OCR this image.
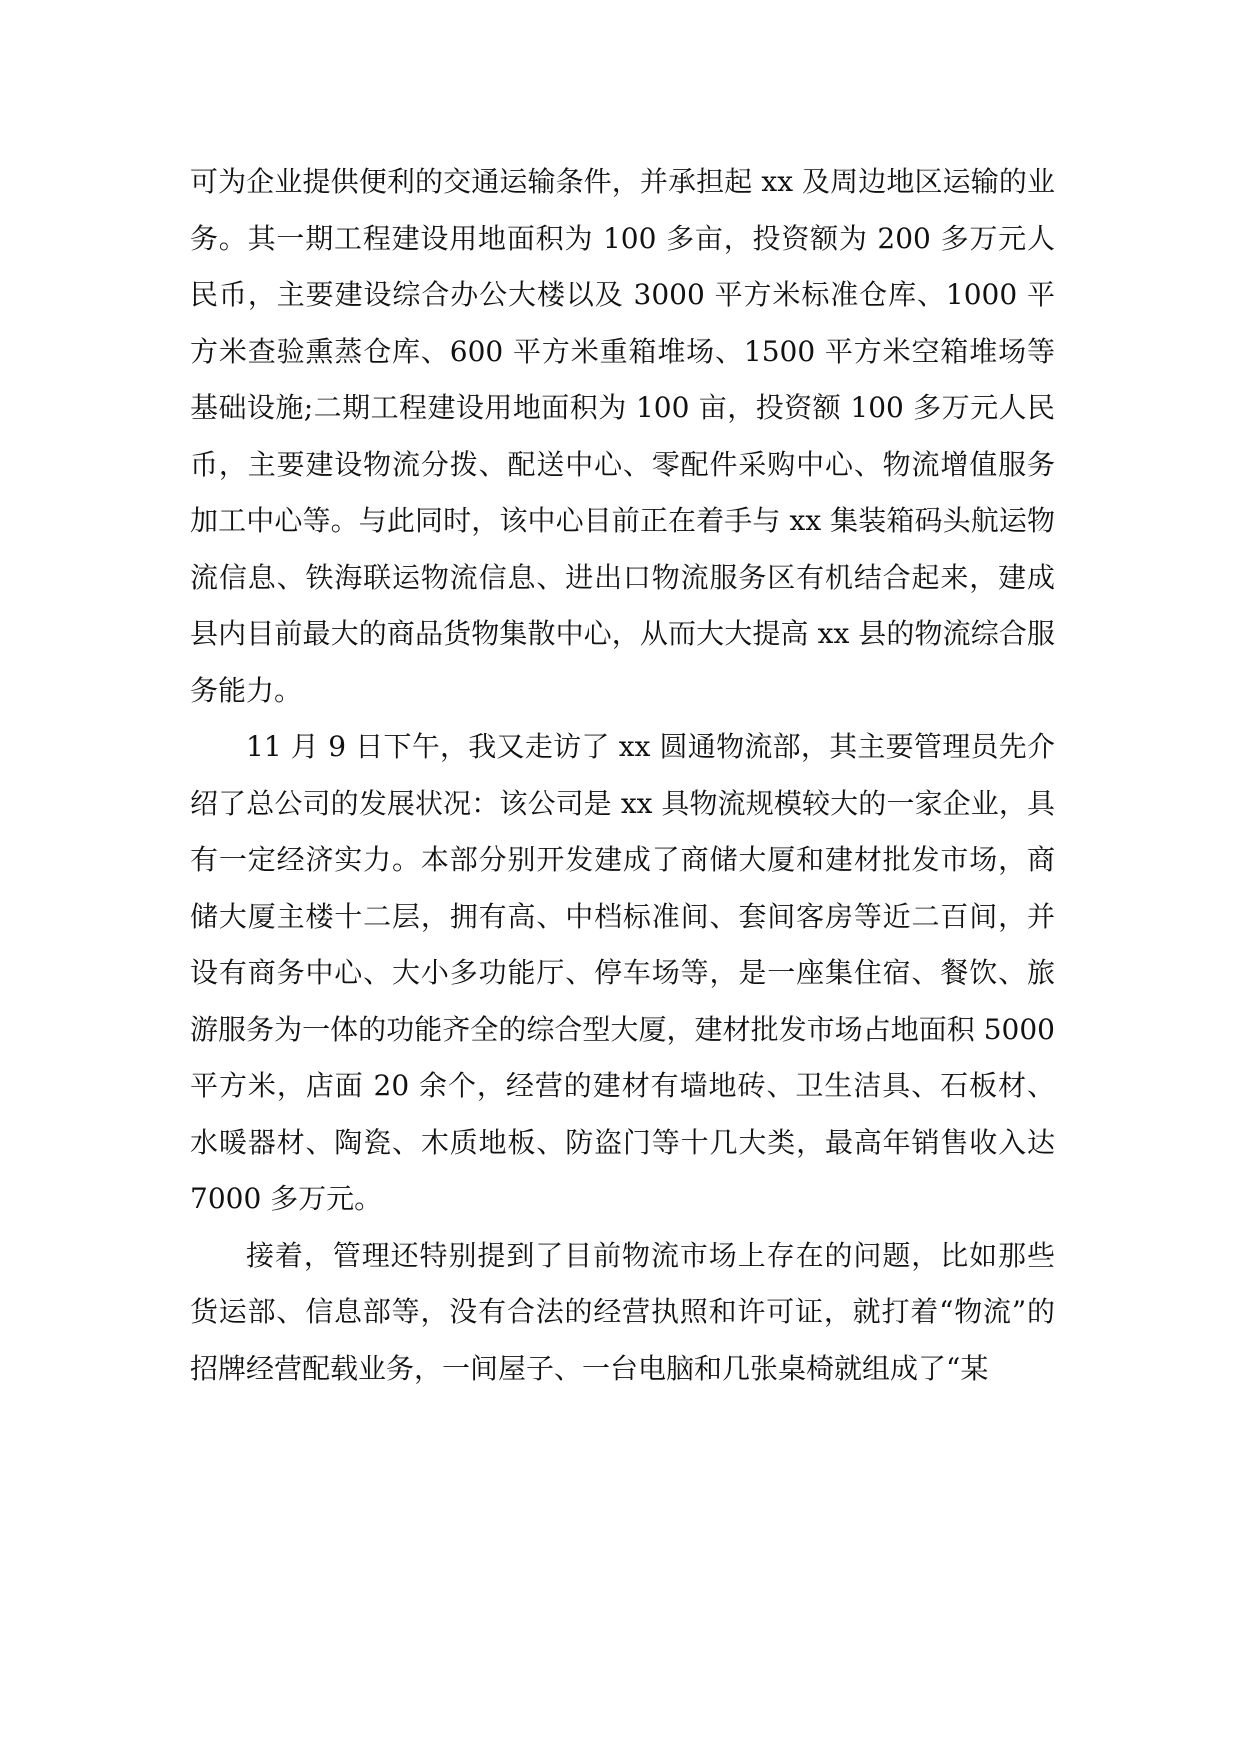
可为企业提供便利的交通运输条件，并承担起 xx 及周边地区运输的业务。其一期工程建设用地面积为 100 多亩，投资额为 200 多万元人民币，主要建设综合办公大楼以及 3000 平方米标准仓库、1000 平方米查验熏蒸仓库、600 平方米重箱堆场、1500 平方米空箱堆场等基础设施;二期工程建设用地面积为 100 亩，投资额 100 多万元人民币，主要建设物流分拨、配送中心、零配件采购中心、物流增值服务加工中心等。与此同时，该中心目前正在着手与 xx 集装箱码头航运物流信息、铁海联运物流信息、进出口物流服务区有机结合起来，建成县内目前最大的商品货物集散中心，从而大大提高 xx 县的物流综合服务能力。

11 月 9 日下午，我又走访了 xx 圆通物流部，其主要管理员先介绍了总公司的发展状况：该公司是 xx 具物流规模较大的一家企业，具有一定经济实力。本部分别开发建成了商储大厦和建材批发市场，商储大厦主楼十二层，拥有高、中档标准间、套间客房等近二百间，并设有商务中心、大小多功能厅、停车场等，是一座集住宿、餐饮、旅游服务为一体的功能齐全的综合型大厦，建材批发市场占地面积 5000 平方米，店面 20 余个，经营的建材有墙地砖、卫生洁具、石板材、水暖器材、陶瓷、木质地板、防盗门等十几大类，最高年销售收入达 7000 多万元。

接着，管理还特别提到了目前物流市场上存在的问题，比如那些货运部、信息部等，没有合法的经营执照和许可证，就打着“物流”的招牌经营配载业务，一间屋子、一台电脑和几张桌椅就组成了“某
